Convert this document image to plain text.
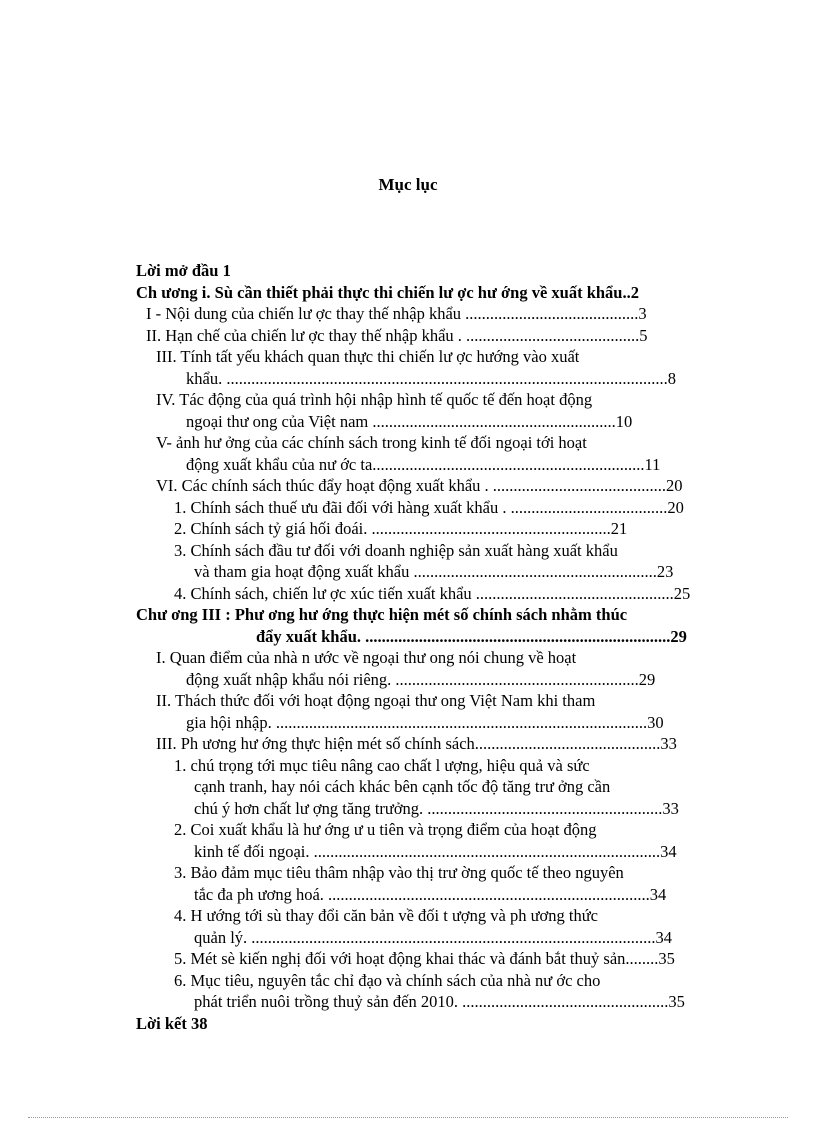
Mục lục
Lời mở đầu 1
Ch ương i. Sù cần thiết phải thực thi chiến lư ợc hư ớng về xuất khẩu..2
I - Nội dung của chiến lư ợc thay thế nhập khẩu ..........................................3
II. Hạn chế của chiến lư ợc thay thế nhập khẩu . ..........................................5
III. Tính tất yếu khách quan thực thi chiến lư ợc hướng vào xuất
khẩu. ...........................................................................................................8
IV. Tác động của quá trình hội nhập hình tế quốc tế đến hoạt động
ngoại thư ong của Việt nam ...........................................................10
V- ảnh hư ởng của các chính sách trong kinh tế đối ngoại tới hoạt
động xuất khẩu của nư ớc ta..................................................................11
VI. Các chính sách thúc đẩy hoạt động xuất khẩu . ..........................................20
1. Chính sách thuế ưu đãi đối với hàng xuất khẩu . ......................................20
2. Chính sách tỷ giá hối đoái. ..........................................................21
3. Chính sách đầu tư đối với doanh nghiệp sản xuất hàng xuất khẩu
và tham gia hoạt động xuất khẩu ...........................................................23
4. Chính sách, chiến lư ợc xúc tiến xuất khẩu ................................................25
Chư ơng III : Phư ơng hư ớng thực hiện mét số chính sách nhằm thúc
đẩy xuất khẩu. ..........................................................................29
I. Quan điểm của nhà n ước về ngoại thư ong nói chung về hoạt
động xuất nhập khẩu nói riêng. ...........................................................29
II. Thách thức đối với hoạt động ngoại thư ong Việt Nam khi tham
gia hội nhập. ..........................................................................................30
III. Ph ương hư ớng thực hiện mét số chính sách.............................................33
1. chú trọng tới mục tiêu nâng cao chất l ượng, hiệu quả và sức
cạnh tranh, hay nói cách khác bên cạnh tốc độ tăng trư ởng cần
chú ý hơn chất lư ợng tăng trưởng. .........................................................33
2. Coi xuất khẩu là hư ớng ư u tiên và trọng điểm của hoạt động
kinh tế đối ngoại. ....................................................................................34
3. Bảo đảm mục tiêu thâm nhập vào thị trư ờng quốc tế theo nguyên
tắc đa ph ương hoá. ..............................................................................34
4. H ướng tới sù thay đổi căn bản về đối t ượng và ph ương thức
quản lý. ..................................................................................................34
5. Mét sè kiến nghị đối với hoạt động khai thác và đánh bắt thuỷ sản........35
6. Mục tiêu, nguyên tắc chỉ đạo và chính sách của nhà nư ớc cho
phát triển nuôi trồng thuỷ sản đến 2010. ..................................................35
Lời kết 38
